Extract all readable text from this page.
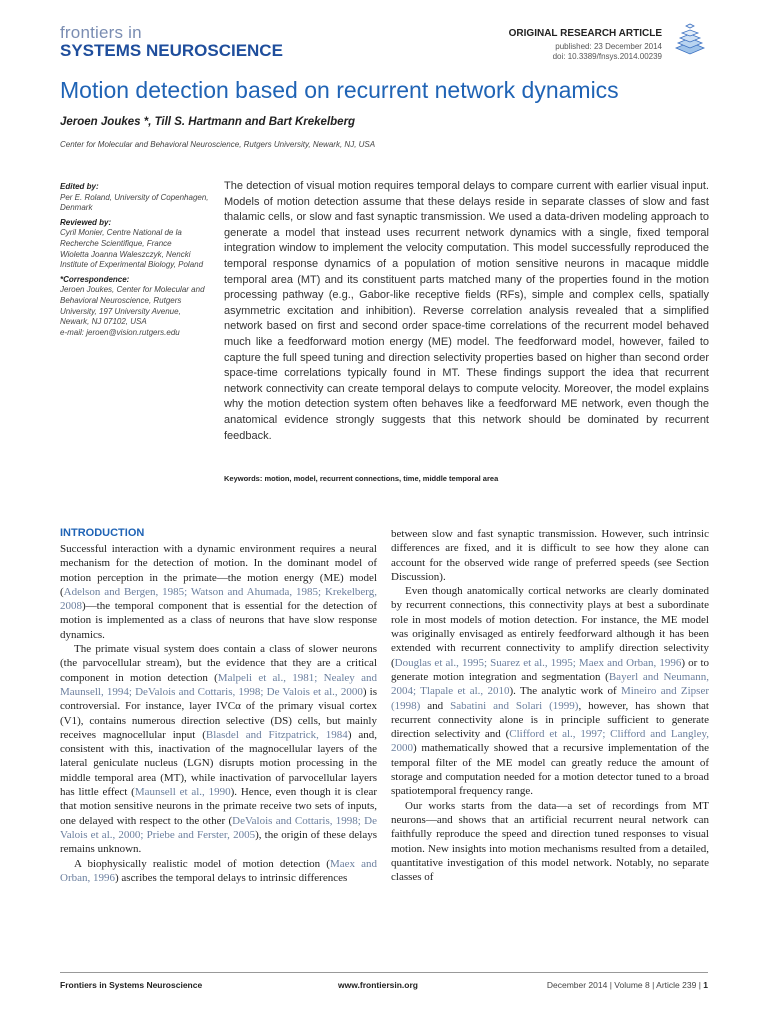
frontiers in
SYSTEMS NEUROSCIENCE
ORIGINAL RESEARCH ARTICLE
published: 23 December 2014
doi: 10.3389/fnsys.2014.00239
Motion detection based on recurrent network dynamics
Jeroen Joukes *, Till S. Hartmann and Bart Krekelberg
Center for Molecular and Behavioral Neuroscience, Rutgers University, Newark, NJ, USA
Edited by:
Per E. Roland, University of Copenhagen, Denmark
Reviewed by:
Cyril Monier, Centre National de la Recherche Scientifique, France
Wioletta Joanna Waleszczyk, Nencki Institute of Experimental Biology, Poland
*Correspondence:
Jeroen Joukes, Center for Molecular and Behavioral Neuroscience, Rutgers University, 197 University Avenue, Newark, NJ 07102, USA
e-mail: jeroen@vision.rutgers.edu
The detection of visual motion requires temporal delays to compare current with earlier visual input. Models of motion detection assume that these delays reside in separate classes of slow and fast thalamic cells, or slow and fast synaptic transmission. We used a data-driven modeling approach to generate a model that instead uses recurrent network dynamics with a single, fixed temporal integration window to implement the velocity computation. This model successfully reproduced the temporal response dynamics of a population of motion sensitive neurons in macaque middle temporal area (MT) and its constituent parts matched many of the properties found in the motion processing pathway (e.g., Gabor-like receptive fields (RFs), simple and complex cells, spatially asymmetric excitation and inhibition). Reverse correlation analysis revealed that a simplified network based on first and second order space-time correlations of the recurrent model behaved much like a feedforward motion energy (ME) model. The feedforward model, however, failed to capture the full speed tuning and direction selectivity properties based on higher than second order space-time correlations typically found in MT. These findings support the idea that recurrent network connectivity can create temporal delays to compute velocity. Moreover, the model explains why the motion detection system often behaves like a feedforward ME network, even though the anatomical evidence strongly suggests that this network should be dominated by recurrent feedback.
Keywords: motion, model, recurrent connections, time, middle temporal area
INTRODUCTION

Successful interaction with a dynamic environment requires a neural mechanism for the detection of motion. In the dominant model of motion perception in the primate—the motion energy (ME) model (Adelson and Bergen, 1985; Watson and Ahumada, 1985; Krekelberg, 2008)—the temporal component that is essential for the detection of motion is implemented as a class of neurons that have slow response dynamics.

The primate visual system does contain a class of slower neurons (the parvocellular stream), but the evidence that they are a critical component in motion detection (Malpeli et al., 1981; Nealey and Maunsell, 1994; DeValois and Cottaris, 1998; De Valois et al., 2000) is controversial. For instance, layer IVCα of the primary visual cortex (V1), contains numerous direction selective (DS) cells, but mainly receives magnocellular input (Blasdel and Fitzpatrick, 1984) and, consistent with this, inactivation of the magnocellular layers of the lateral geniculate nucleus (LGN) disrupts motion processing in the middle temporal area (MT), while inactivation of parvocellular layers has little effect (Maunsell et al., 1990). Hence, even though it is clear that motion sensitive neurons in the primate receive two sets of inputs, one delayed with respect to the other (DeValois and Cottaris, 1998; De Valois et al., 2000; Priebe and Ferster, 2005), the origin of these delays remains unknown.

A biophysically realistic model of motion detection (Maex and Orban, 1996) ascribes the temporal delays to intrinsic differences

between slow and fast synaptic transmission. However, such intrinsic differences are fixed, and it is difficult to see how they alone can account for the observed wide range of preferred speeds (see Section Discussion).

Even though anatomically cortical networks are clearly dominated by recurrent connections, this connectivity plays at best a subordinate role in most models of motion detection. For instance, the ME model was originally envisaged as entirely feedforward although it has been extended with recurrent connectivity to amplify direction selectivity (Douglas et al., 1995; Suarez et al., 1995; Maex and Orban, 1996) or to generate motion integration and segmentation (Bayerl and Neumann, 2004; Tlapale et al., 2010). The analytic work of Mineiro and Zipser (1998) and Sabatini and Solari (1999), however, has shown that recurrent connectivity alone is in principle sufficient to generate direction selectivity and (Clifford et al., 1997; Clifford and Langley, 2000) mathematically showed that a recursive implementation of the temporal filter of the ME model can greatly reduce the amount of storage and computation needed for a motion detector tuned to a broad spatiotemporal frequency range.

Our works starts from the data—a set of recordings from MT neurons—and shows that an artificial recurrent neural network can faithfully reproduce the speed and direction tuned responses to visual motion. New insights into motion mechanisms resulted from a detailed, quantitative investigation of this model network. Notably, no separate classes of

Frontiers in Systems Neuroscience	www.frontiersin.org	December 2014 | Volume 8 | Article 239 | 1
